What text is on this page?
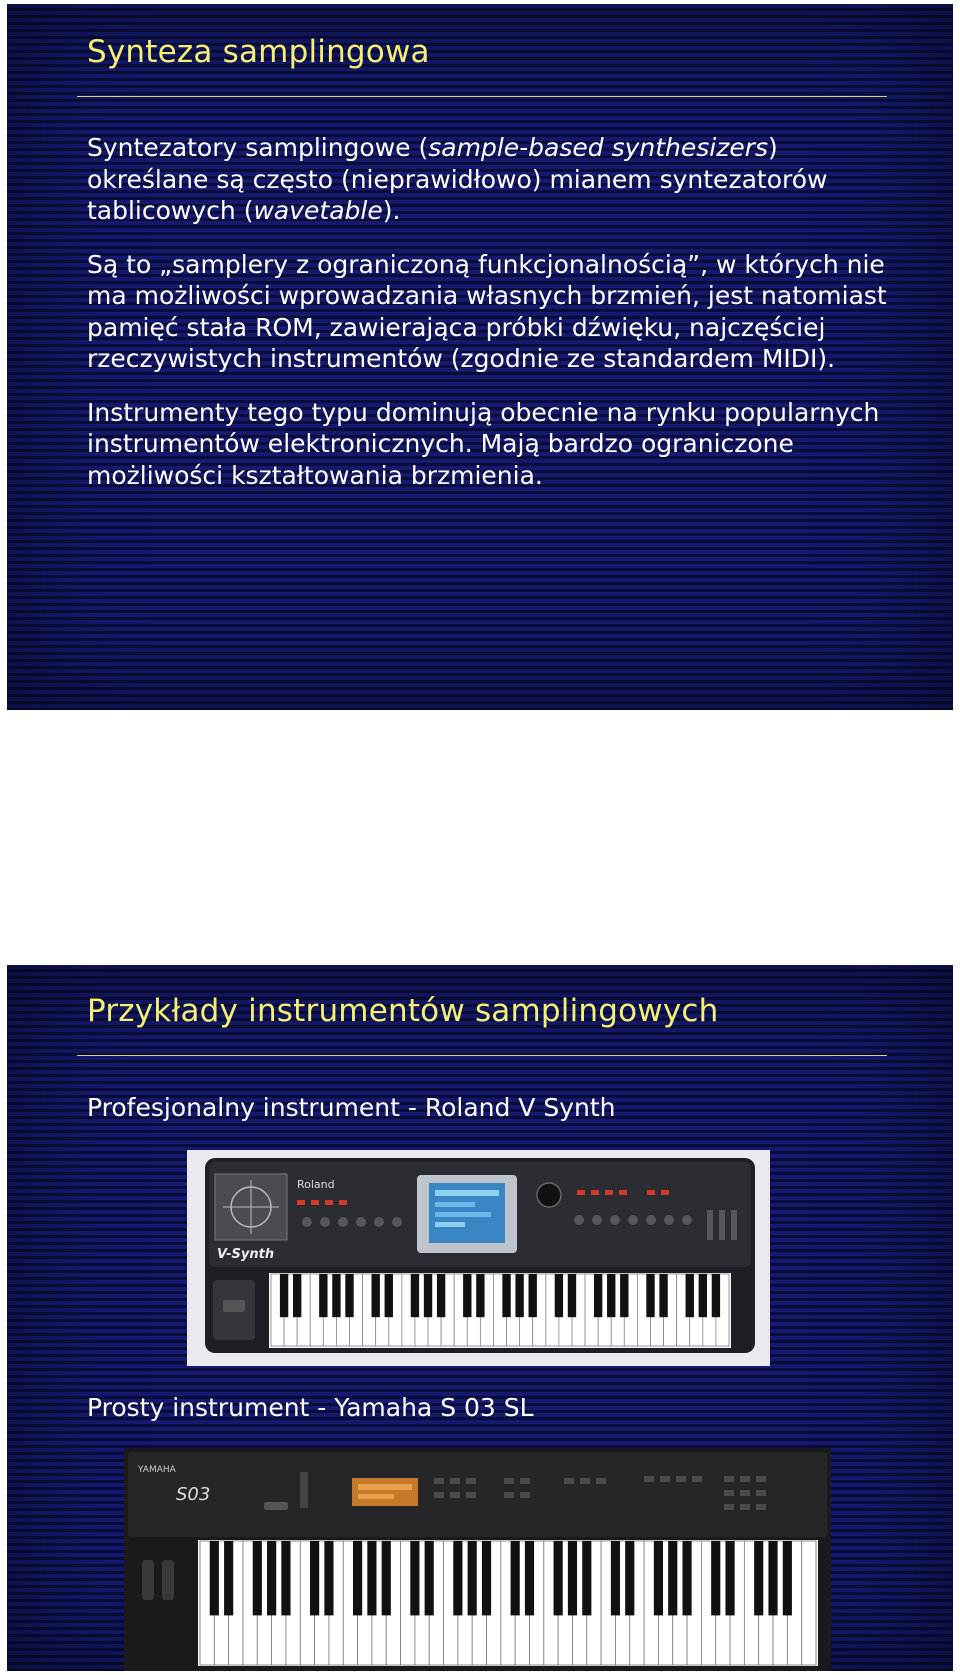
Synteza samplingowa

Syntezatory samplingowe (sample-based synthesizers) określane są często (nieprawidłowo) mianem syntezatorów tablicowych (wavetable).

Są to „samplery z ograniczoną funkcjonalnością”, w których nie ma możliwości wprowadzania własnych brzmień, jest natomiast pamięć stała ROM, zawierająca próbki dźwięku, najczęściej rzeczywistych instrumentów (zgodnie ze standardem MIDI).

Instrumenty tego typu dominują obecnie na rynku popularnych instrumentów elektronicznych. Mają bardzo ograniczone możliwości kształtowania brzmienia.

Przykłady instrumentów samplingowych
Profesjonalny instrument - Roland V Synth
Roland
V-Synth
Prosty instrument - Yamaha S 03 SL
YAMAHA
S03
